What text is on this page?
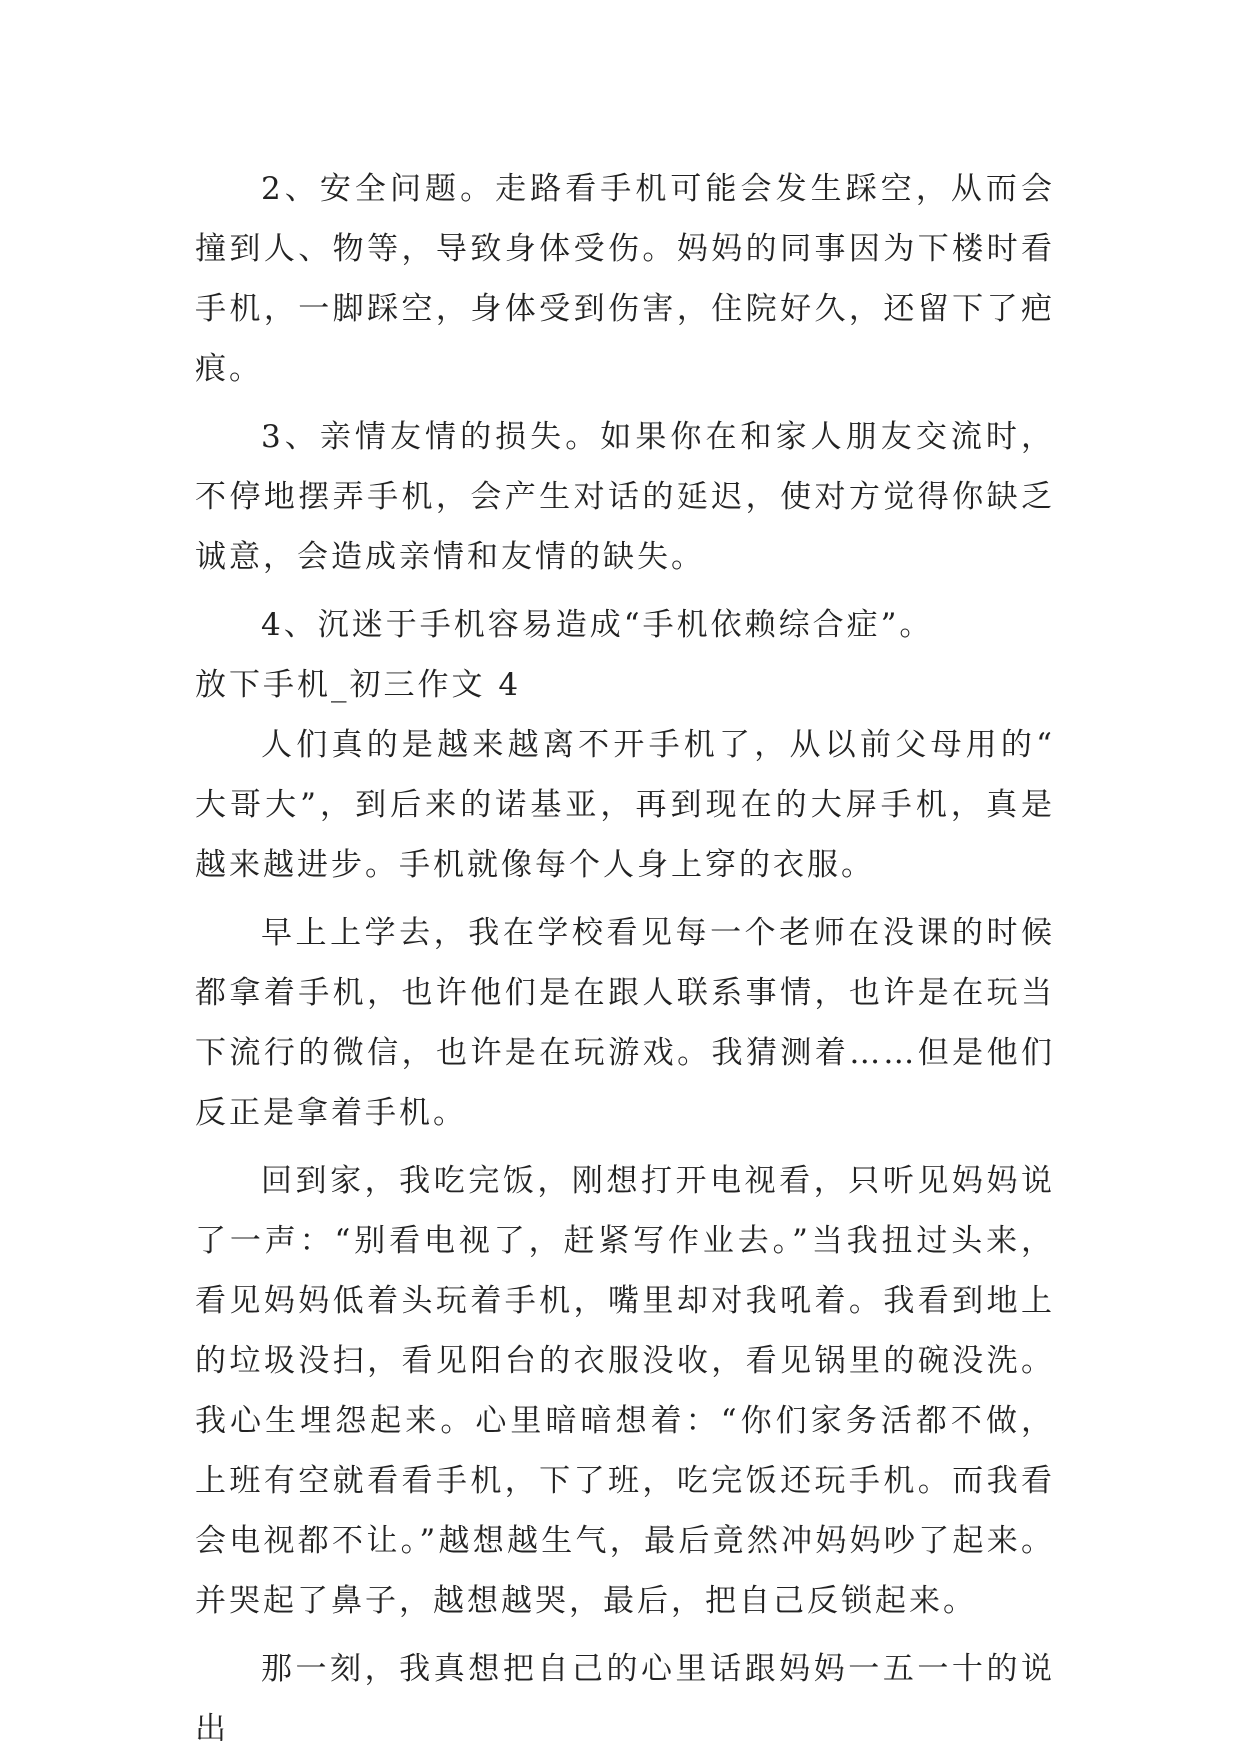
2、安全问题。走路看手机可能会发生踩空，从而会撞到人、物等，导致身体受伤。妈妈的同事因为下楼时看手机，一脚踩空，身体受到伤害，住院好久，还留下了疤痕。

3、亲情友情的损失。如果你在和家人朋友交流时，不停地摆弄手机，会产生对话的延迟，使对方觉得你缺乏诚意，会造成亲情和友情的缺失。

4、沉迷于手机容易造成“手机依赖综合症”。

放下手机_初三作文 4

人们真的是越来越离不开手机了，从以前父母用的“大哥大”，到后来的诺基亚，再到现在的大屏手机，真是越来越进步。手机就像每个人身上穿的衣服。

早上上学去，我在学校看见每一个老师在没课的时候都拿着手机，也许他们是在跟人联系事情，也许是在玩当下流行的微信，也许是在玩游戏。我猜测着……但是他们反正是拿着手机。

回到家，我吃完饭，刚想打开电视看，只听见妈妈说了一声：“别看电视了，赶紧写作业去。”当我扭过头来，看见妈妈低着头玩着手机，嘴里却对我吼着。我看到地上的垃圾没扫，看见阳台的衣服没收，看见锅里的碗没洗。我心生埋怨起来。心里暗暗想着：“你们家务活都不做，上班有空就看看手机，下了班，吃完饭还玩手机。而我看会电视都不让。”越想越生气，最后竟然冲妈妈吵了起来。并哭起了鼻子，越想越哭，最后，把自己反锁起来。

那一刻，我真想把自己的心里话跟妈妈一五一十的说出
